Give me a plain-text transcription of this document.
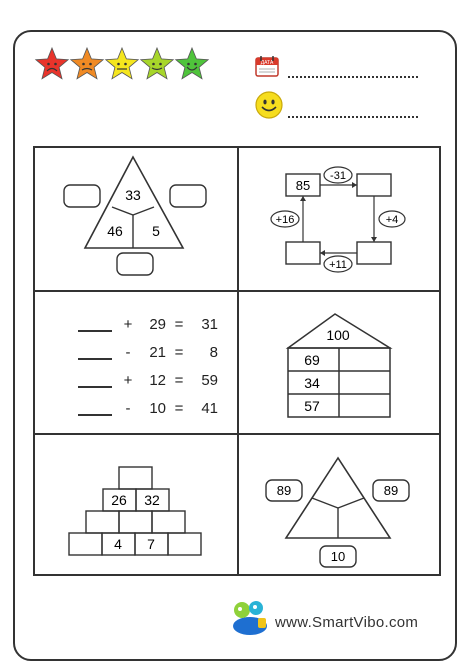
ДАТА
33
46 5
85
-31
+4
+11
+16
+	29 =	31
-	21 =	8
+	12 =	59
-	10 =	41
100
69
34
57
26 32
4 7
89	89
10
www.SmartVibo.com
